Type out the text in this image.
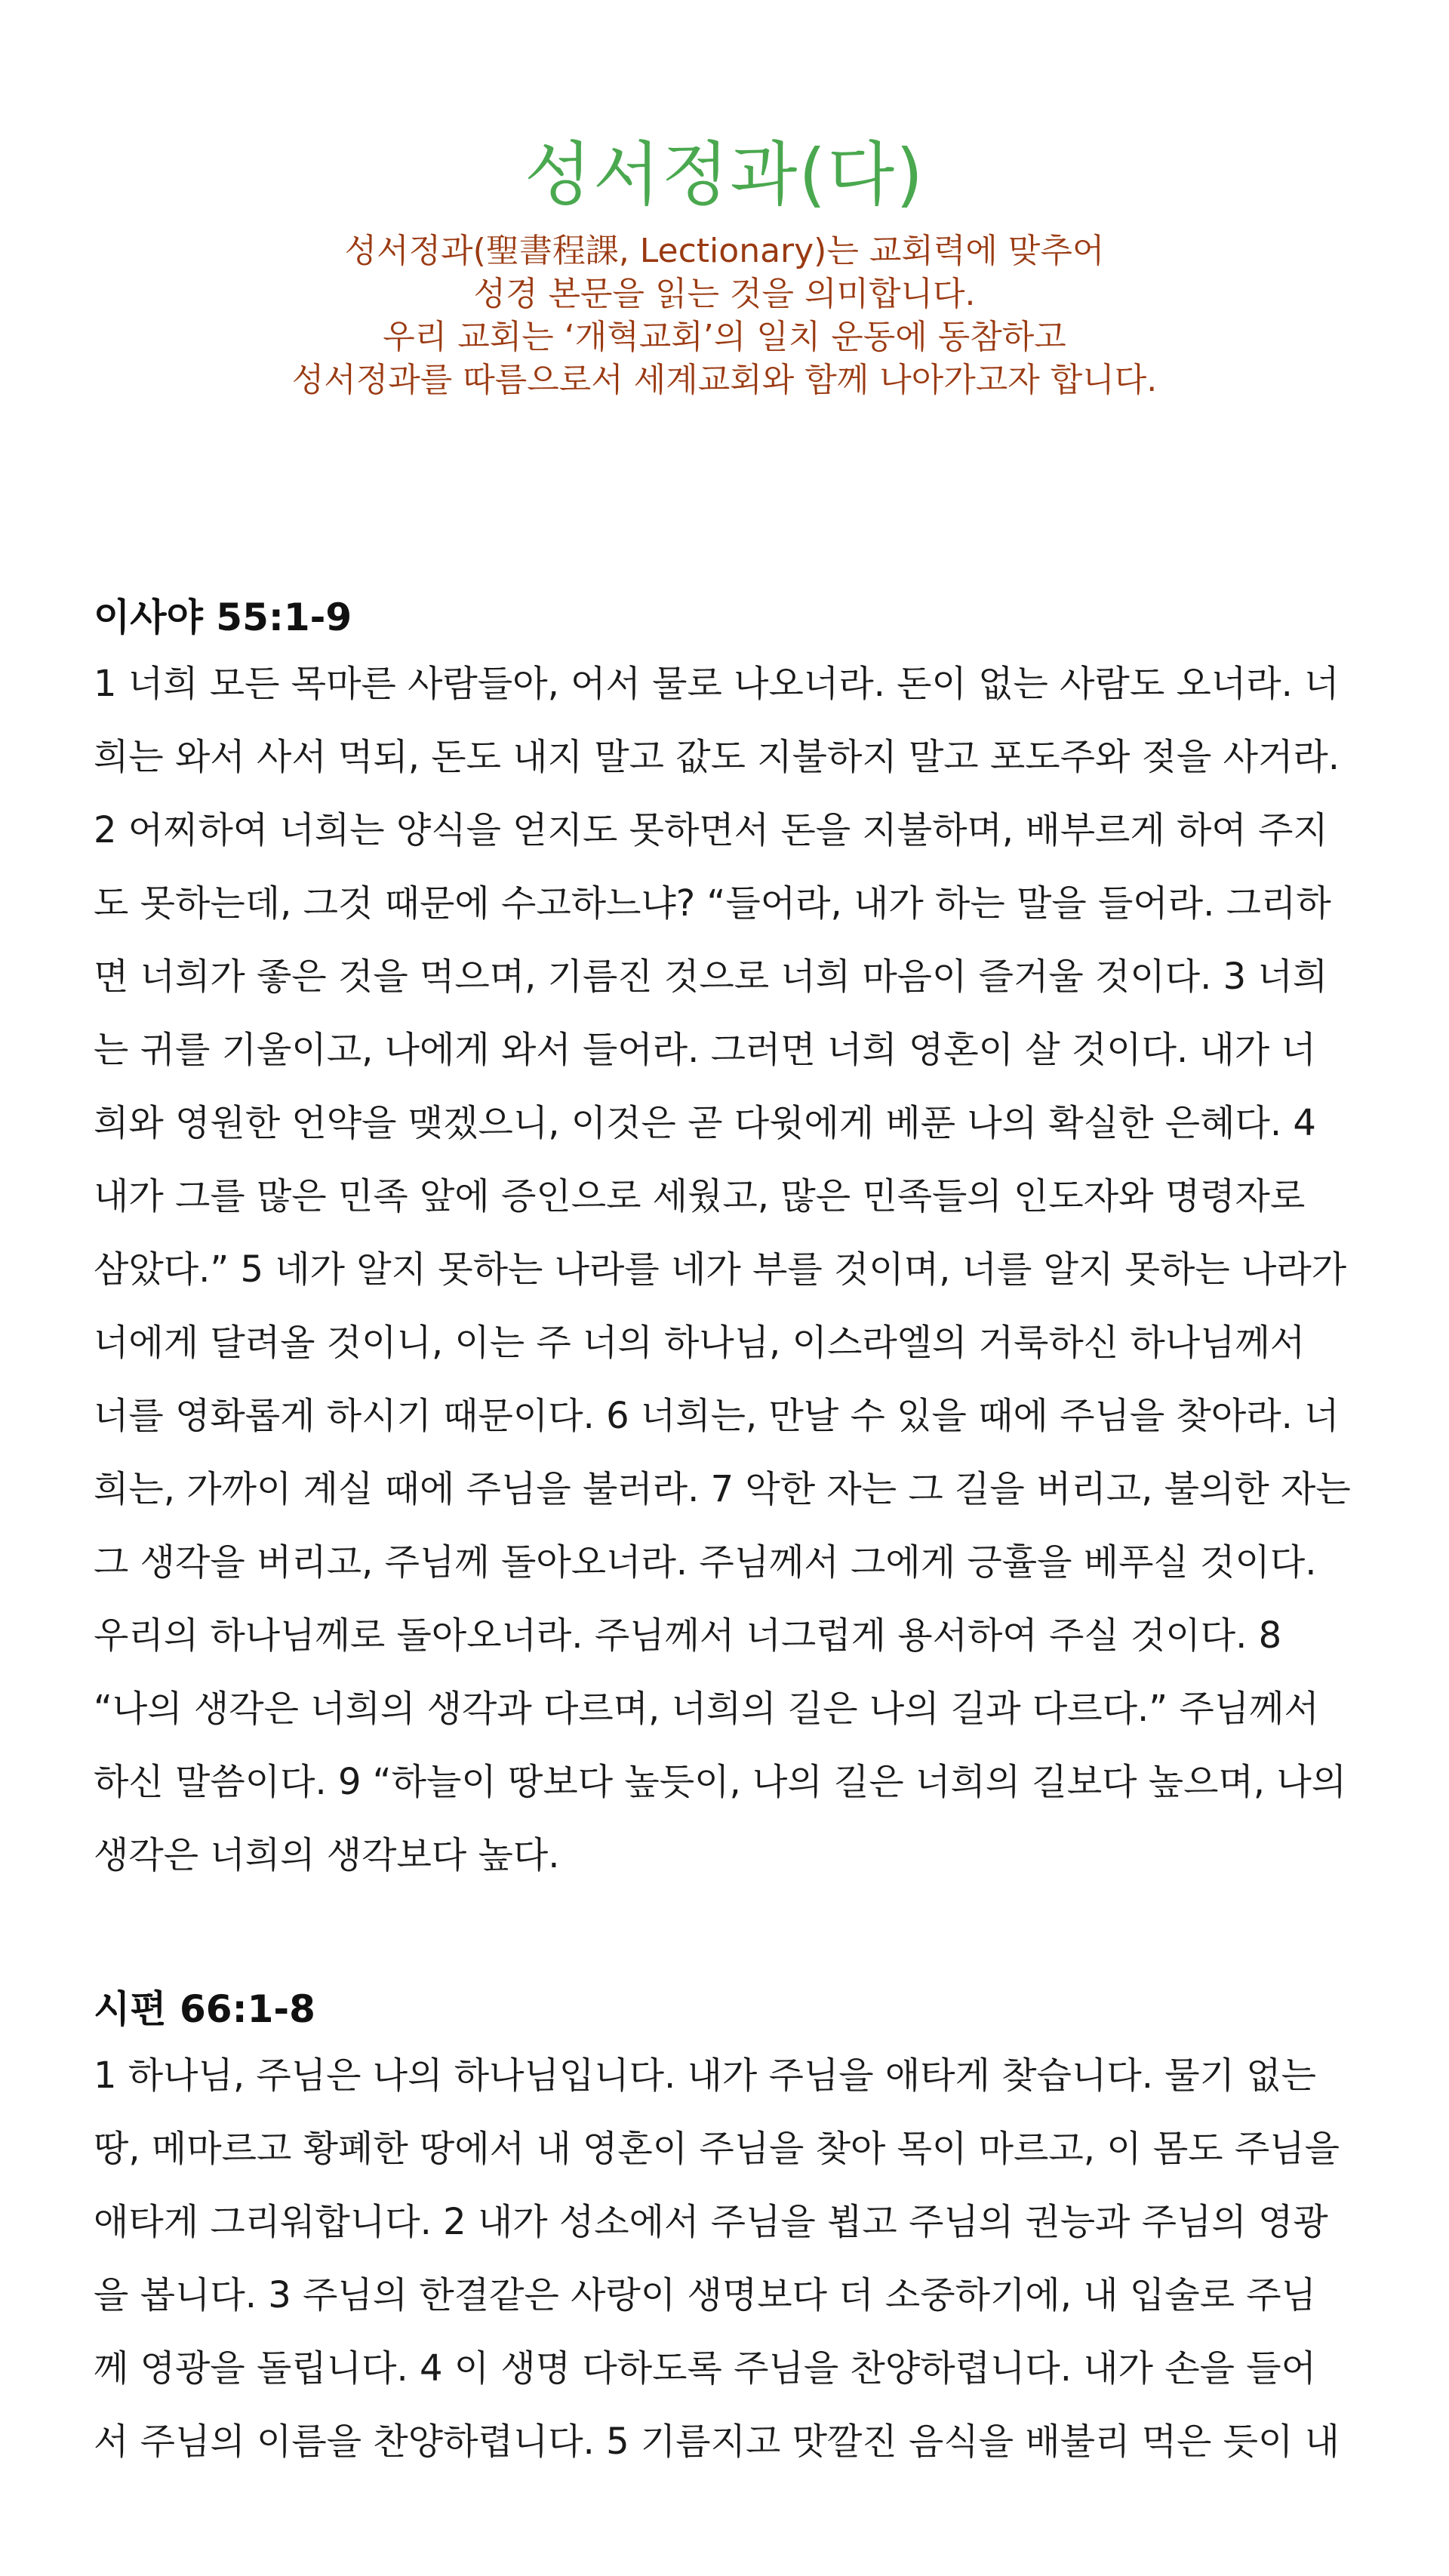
성서정과(다)
성서정과(聖書程課, Lectionary)는 교회력에 맞추어
성경 본문을 읽는 것을 의미합니다.
우리 교회는 ‘개혁교회’의 일치 운동에 동참하고
성서정과를 따름으로서 세계교회와 함께 나아가고자 합니다.
이사야 55:1-9
1 너희 모든 목마른 사람들아, 어서 물로 나오너라. 돈이 없는 사람도 오너라. 너
희는 와서 사서 먹되, 돈도 내지 말고 값도 지불하지 말고 포도주와 젖을 사거라.
2 어찌하여 너희는 양식을 얻지도 못하면서 돈을 지불하며, 배부르게 하여 주지
도 못하는데, 그것 때문에 수고하느냐? “들어라, 내가 하는 말을 들어라. 그리하
면 너희가 좋은 것을 먹으며, 기름진 것으로 너희 마음이 즐거울 것이다. 3 너희
는 귀를 기울이고, 나에게 와서 들어라. 그러면 너희 영혼이 살 것이다. 내가 너
희와 영원한 언약을 맺겠으니, 이것은 곧 다윗에게 베푼 나의 확실한 은혜다. 4
내가 그를 많은 민족 앞에 증인으로 세웠고, 많은 민족들의 인도자와 명령자로
삼았다.” 5 네가 알지 못하는 나라를 네가 부를 것이며, 너를 알지 못하는 나라가
너에게 달려올 것이니, 이는 주 너의 하나님, 이스라엘의 거룩하신 하나님께서
너를 영화롭게 하시기 때문이다. 6 너희는, 만날 수 있을 때에 주님을 찾아라. 너
희는, 가까이 계실 때에 주님을 불러라. 7 악한 자는 그 길을 버리고, 불의한 자는
그 생각을 버리고, 주님께 돌아오너라. 주님께서 그에게 긍휼을 베푸실 것이다.
우리의 하나님께로 돌아오너라. 주님께서 너그럽게 용서하여 주실 것이다. 8
“나의 생각은 너희의 생각과 다르며, 너희의 길은 나의 길과 다르다.” 주님께서
하신 말씀이다. 9 “하늘이 땅보다 높듯이, 나의 길은 너희의 길보다 높으며, 나의
생각은 너희의 생각보다 높다.
시편 66:1-8
1 하나님, 주님은 나의 하나님입니다. 내가 주님을 애타게 찾습니다. 물기 없는
땅, 메마르고 황폐한 땅에서 내 영혼이 주님을 찾아 목이 마르고, 이 몸도 주님을
애타게 그리워합니다. 2 내가 성소에서 주님을 뵙고 주님의 권능과 주님의 영광
을 봅니다. 3 주님의 한결같은 사랑이 생명보다 더 소중하기에, 내 입술로 주님
께 영광을 돌립니다. 4 이 생명 다하도록 주님을 찬양하렵니다. 내가 손을 들어
서 주님의 이름을 찬양하렵니다. 5 기름지고 맛깔진 음식을 배불리 먹은 듯이 내
